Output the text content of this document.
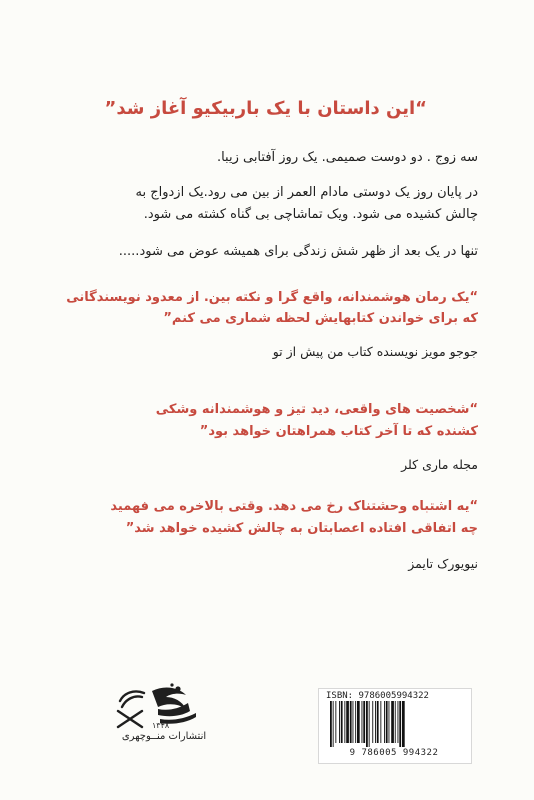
“این داستان با یک باربیکیو آغاز شد”
سه زوج . دو دوست صمیمی. یک روز آفتابی زیبا.
در پایان روز یک دوستی مادام العمر از بین می رود.یک ازدواج به
چالش کشیده می شود. ویک تماشاچی بی گناه کشته می شود.
تنها در یک بعد از ظهر شش زندگی برای همیشه عوض می شود.....
“یک رمان هوشمندانه، واقع گرا و نکته بین. از معدود نویسندگانی
که برای خواندن کتابهایش لحظه شماری می کنم”
جوجو مویز نویسنده کتاب من پیش از تو
“شخصیت های واقعی، دید تیز و هوشمندانه وشکی
کشنده که تا آخر کتاب همراهتان خواهد بود”
مجله ماری کلر
“یه اشتباه وحشتناک رخ می دهد. وقتی بالاخره می فهمید
چه اتفاقی افتاده اعصابتان به چالش کشیده خواهد شد”
نیویورک تایمز
۱۳۴۸
انتشارات منــوچهری
ISBN: 9786005994322
9 786005 994322
